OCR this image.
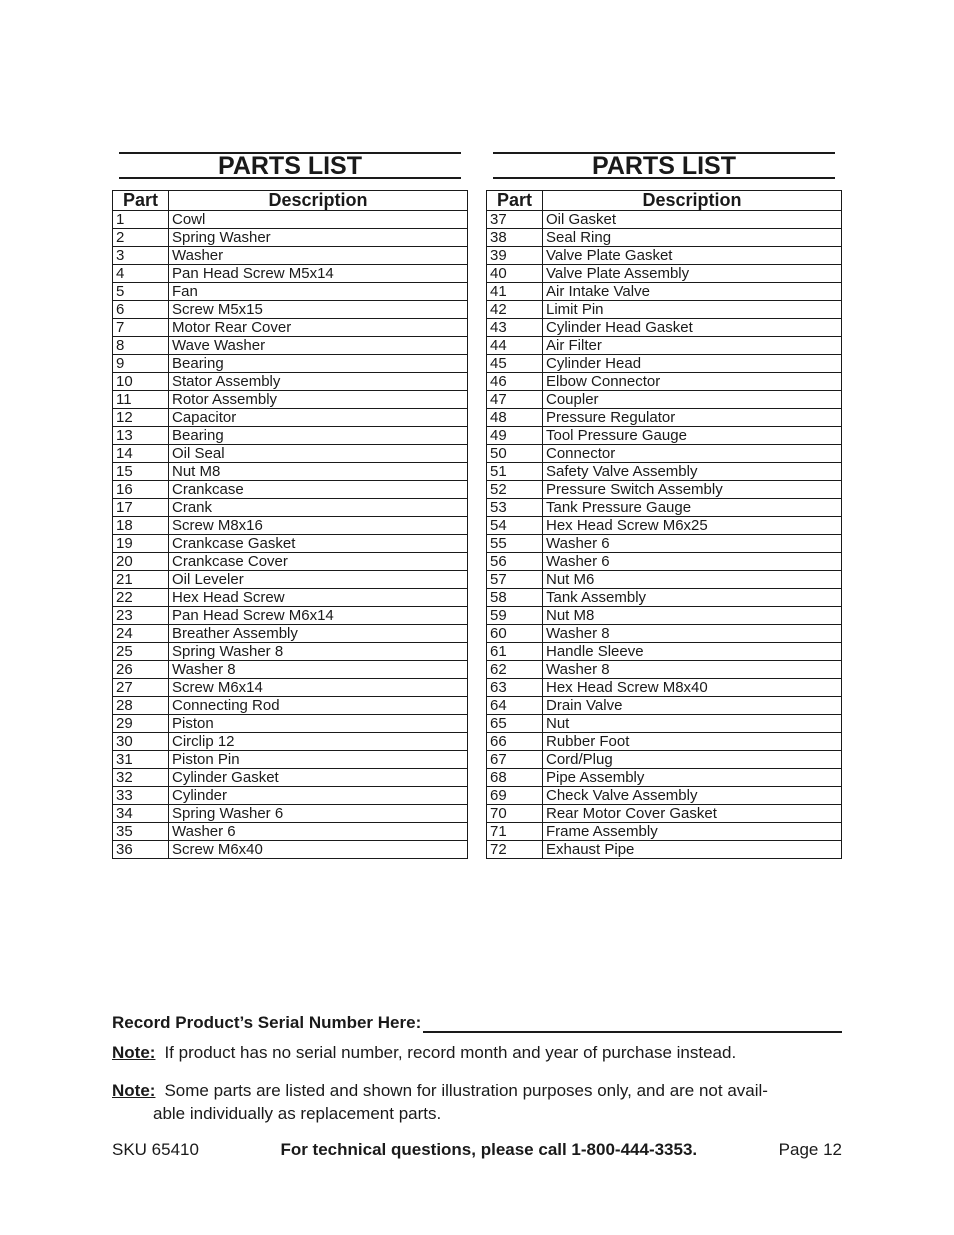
PARTS LIST
Part	Description
1	Cowl
2	Spring Washer
3	Washer
4	Pan Head Screw M5x14
5	Fan
6	Screw M5x15
7	Motor Rear Cover
8	Wave Washer
9	Bearing
10	Stator Assembly
11	Rotor Assembly
12	Capacitor
13	Bearing
14	Oil Seal
15	Nut M8
16	Crankcase
17	Crank
18	Screw M8x16
19	Crankcase Gasket
20	Crankcase Cover
21	Oil Leveler
22	Hex Head Screw
23	Pan Head Screw M6x14
24	Breather Assembly
25	Spring Washer 8
26	Washer 8
27	Screw M6x14
28	Connecting Rod
29	Piston
30	Circlip 12
31	Piston Pin
32	Cylinder Gasket
33	Cylinder
34	Spring Washer 6
35	Washer 6
36	Screw M6x40
PARTS LIST
Part	Description
37	Oil Gasket
38	Seal Ring
39	Valve Plate Gasket
40	Valve Plate Assembly
41	Air Intake Valve
42	Limit Pin
43	Cylinder Head Gasket
44	Air Filter
45	Cylinder Head
46	Elbow Connector
47	Coupler
48	Pressure Regulator
49	Tool Pressure Gauge
50	Connector
51	Safety Valve Assembly
52	Pressure Switch Assembly
53	Tank Pressure Gauge
54	Hex Head Screw M6x25
55	Washer 6
56	Washer 6
57	Nut M6
58	Tank Assembly
59	Nut M8
60	Washer 8
61	Handle Sleeve
62	Washer 8
63	Hex Head Screw M8x40
64	Drain Valve
65	Nut
66	Rubber Foot
67	Cord/Plug
68	Pipe Assembly
69	Check Valve Assembly
70	Rear Motor Cover Gasket
71	Frame Assembly
72	Exhaust Pipe
Record Product’s Serial Number Here:
Note: If product has no serial number, record month and year of purchase instead.
Note: Some parts are listed and shown for illustration purposes only, and are not avail-
able individually as replacement parts.
SKU 65410	For technical questions, please call 1-800-444-3353.	Page 12
